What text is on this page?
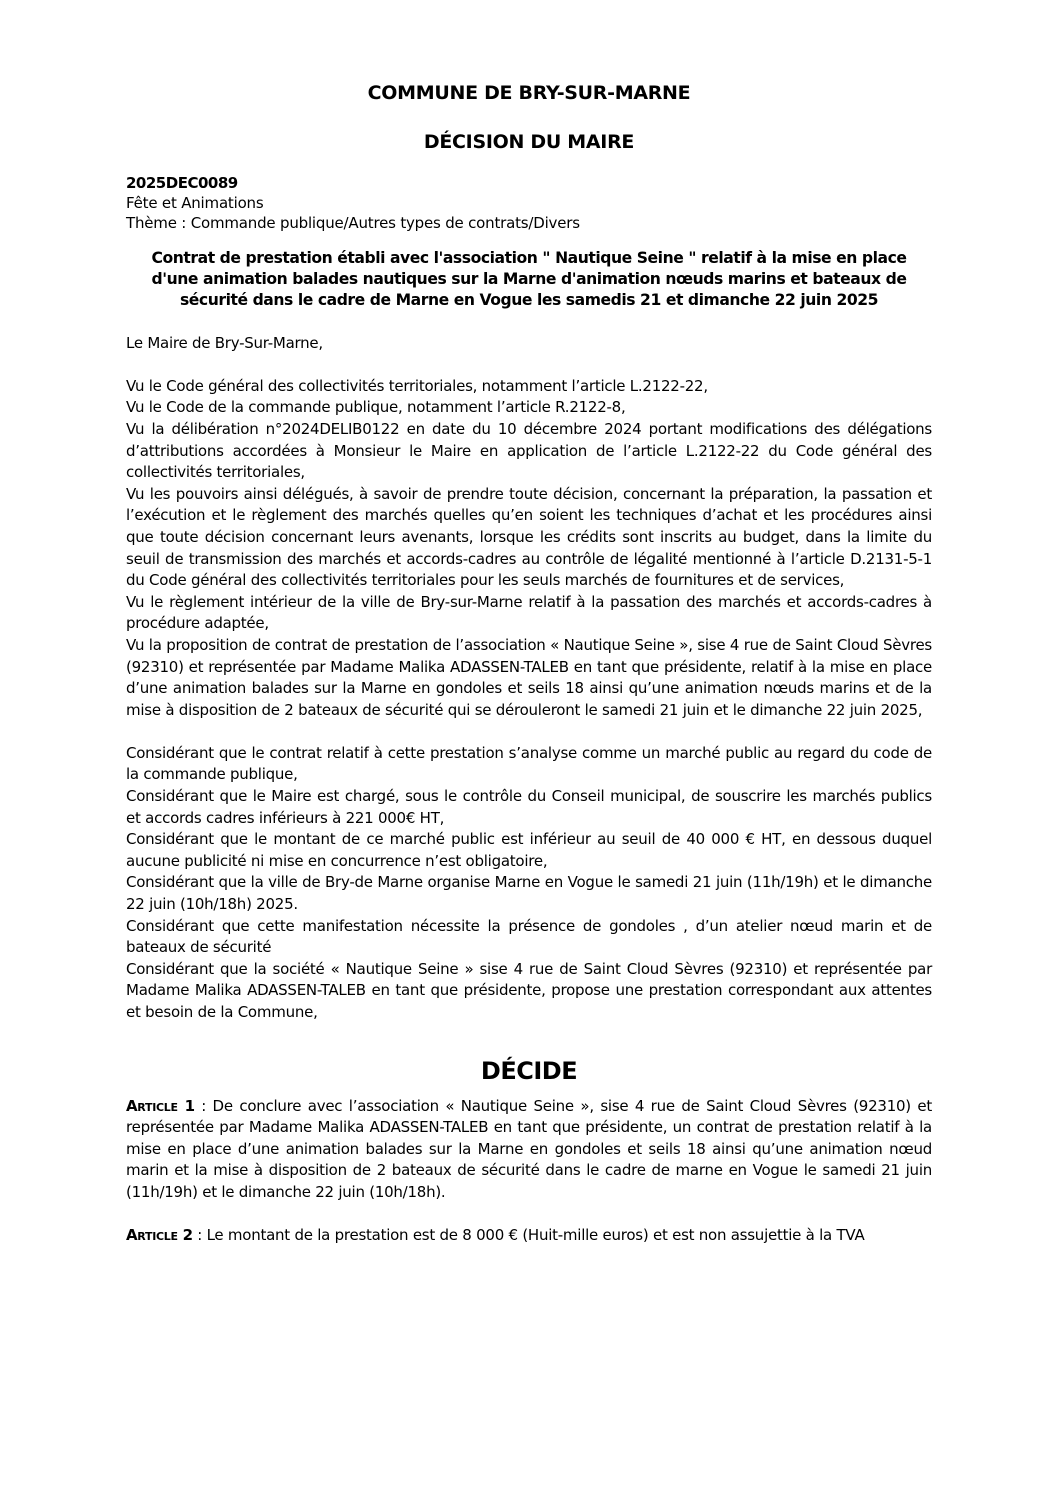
COMMUNE DE BRY-SUR-MARNE
DÉCISION DU MAIRE
2025DEC0089
Fête et Animations
Thème : Commande publique/Autres types de contrats/Divers
Contrat de prestation établi avec l'association " Nautique Seine " relatif à la mise en place
d'une animation balades nautiques sur la Marne d'animation nœuds marins et bateaux de
sécurité dans le cadre de Marne en Vogue les samedis 21 et dimanche 22 juin 2025

Le Maire de Bry-Sur-Marne,

Vu le Code général des collectivités territoriales, notamment l’article L.2122-22,

Vu le Code de la commande publique, notamment l’article R.2122-8,

Vu la délibération n°2024DELIB0122 en date du 10 décembre 2024 portant modifications des délégations d’attributions accordées à Monsieur le Maire en application de l’article L.2122-22 du Code général des collectivités territoriales,

Vu les pouvoirs ainsi délégués, à savoir de prendre toute décision, concernant la préparation, la passation et l’exécution et le règlement des marchés quelles qu’en soient les techniques d’achat et les procédures ainsi que toute décision concernant leurs avenants, lorsque les crédits sont inscrits au budget, dans la limite du seuil de transmission des marchés et accords-cadres au contrôle de légalité mentionné à l’article D.2131-5-1 du Code général des collectivités territoriales pour les seuls marchés de fournitures et de services,

Vu le règlement intérieur de la ville de Bry-sur-Marne relatif à la passation des marchés et accords-cadres à procédure adaptée,

Vu la proposition de contrat de prestation de l’association « Nautique Seine », sise 4 rue de Saint Cloud Sèvres (92310) et représentée par Madame Malika ADASSEN-TALEB en tant que présidente, relatif à la mise en place d’une animation balades sur la Marne en gondoles et seils 18 ainsi qu’une animation nœuds marins et de la mise à disposition de 2 bateaux de sécurité qui se dérouleront le samedi 21 juin et le dimanche 22 juin 2025,

Considérant que le contrat relatif à cette prestation s’analyse comme un marché public au regard du code de la commande publique,

Considérant que le Maire est chargé, sous le contrôle du Conseil municipal, de souscrire les marchés publics et accords cadres inférieurs à 221 000€ HT,

Considérant que le montant de ce marché public est inférieur au seuil de 40 000 € HT, en dessous duquel aucune publicité ni mise en concurrence n’est obligatoire,

Considérant que la ville de Bry-de Marne organise Marne en Vogue le samedi 21 juin (11h/19h) et le dimanche 22 juin (10h/18h) 2025.

Considérant que cette manifestation nécessite la présence de gondoles , d’un atelier nœud marin et de bateaux de sécurité

Considérant que la société « Nautique Seine » sise 4 rue de Saint Cloud Sèvres (92310) et représentée par Madame Malika ADASSEN-TALEB en tant que présidente, propose une prestation correspondant aux attentes et besoin de la Commune,

DÉCIDE

Article 1 : De conclure avec l’association « Nautique Seine », sise 4 rue de Saint Cloud Sèvres (92310) et représentée par Madame Malika ADASSEN-TALEB en tant que présidente, un contrat de prestation relatif à la mise en place d’une animation balades sur la Marne en gondoles et seils 18 ainsi qu’une animation nœud marin et la mise à disposition de 2 bateaux de sécurité dans le cadre de marne en Vogue le samedi 21 juin (11h/19h) et le dimanche 22 juin (10h/18h).

Article 2 : Le montant de la prestation est de 8 000 € (Huit-mille euros) et est non assujettie à la TVA
